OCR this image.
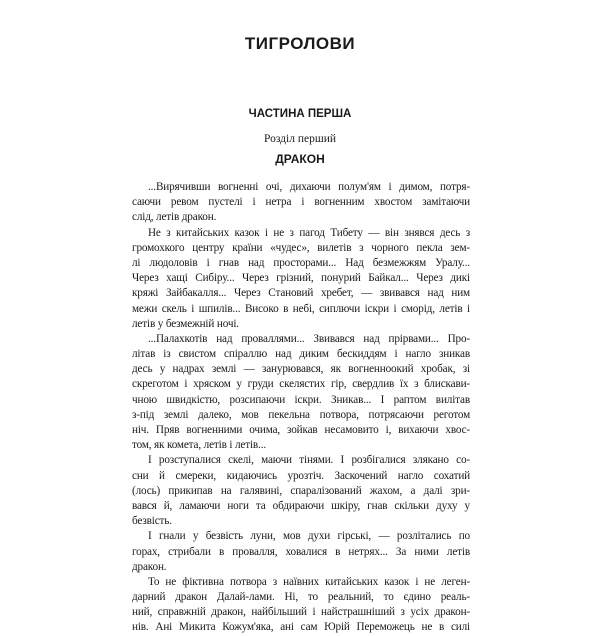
ТИГРОЛОВИ
ЧАСТИНА ПЕРША
Розділ перший
ДРАКОН
...Вирячивши вогненні очі, дихаючи полум'ям і димом, потря-
саючи ревом пустелі і нетра і вогненним хвостом замітаючи
слід, летів дракон.
Не з китайських казок і не з пагод Тибету — він знявся десь з
громохкого центру країни «чудес», вилетів з чорного пекла зем-
лі людоловів і гнав над просторами... Над безмежжям Уралу...
Через хащі Сибіру... Через грізний, понурий Байкал... Через дикі
кряжі Зайбакалля... Через Становий хребет, — звивався над ним
межи скель і шпилів... Високо в небі, сиплючи іскри і сморід, летів і
летів у безмежній ночі.
...Палахкотів над проваллями... Звивався над прірвами... Про-
літав із свистом спіраллю над диким бескиддям і нагло зникав
десь у надрах землі — занурювався, як вогненноокий хробак, зі
скреготом і хряском у груди скелястих гір, свердлив їх з блискави-
чною швидкістю, розсипаючи іскри. Зникав... І раптом вилітав
з-під землі далеко, мов пекельна потвора, потрясаючи реготом
ніч. Пряв вогненними очима, зойкав несамовито і, вихаючи хвос-
том, як комета, летів і летів...
І розступалися скелі, маючи тінями. І розбігалися злякано со-
сни й смереки, кидаючись урозтіч. Заскочений нагло сохатий
(лось) прикипав на галявині, спаралізований жахом, а далі зри-
вався й, ламаючи ноги та обдираючи шкіру, гнав скільки духу у
безвість.
І гнали у безвість луни, мов духи гірські, — розлітались по
горах, стрибали в провалля, ховалися в нетрях... За ними летів
дракон.
То не фіктивна потвора з наївних китайських казок і не леген-
дарний дракон Далай-лами. Ні, то реальний, то єдино реаль-
ний, справжній дракон, найбільший і найстрашніший з усіх дракон-
нів. Ані Микита Кожум'яка, ані сам Юрій Переможець не в силі
